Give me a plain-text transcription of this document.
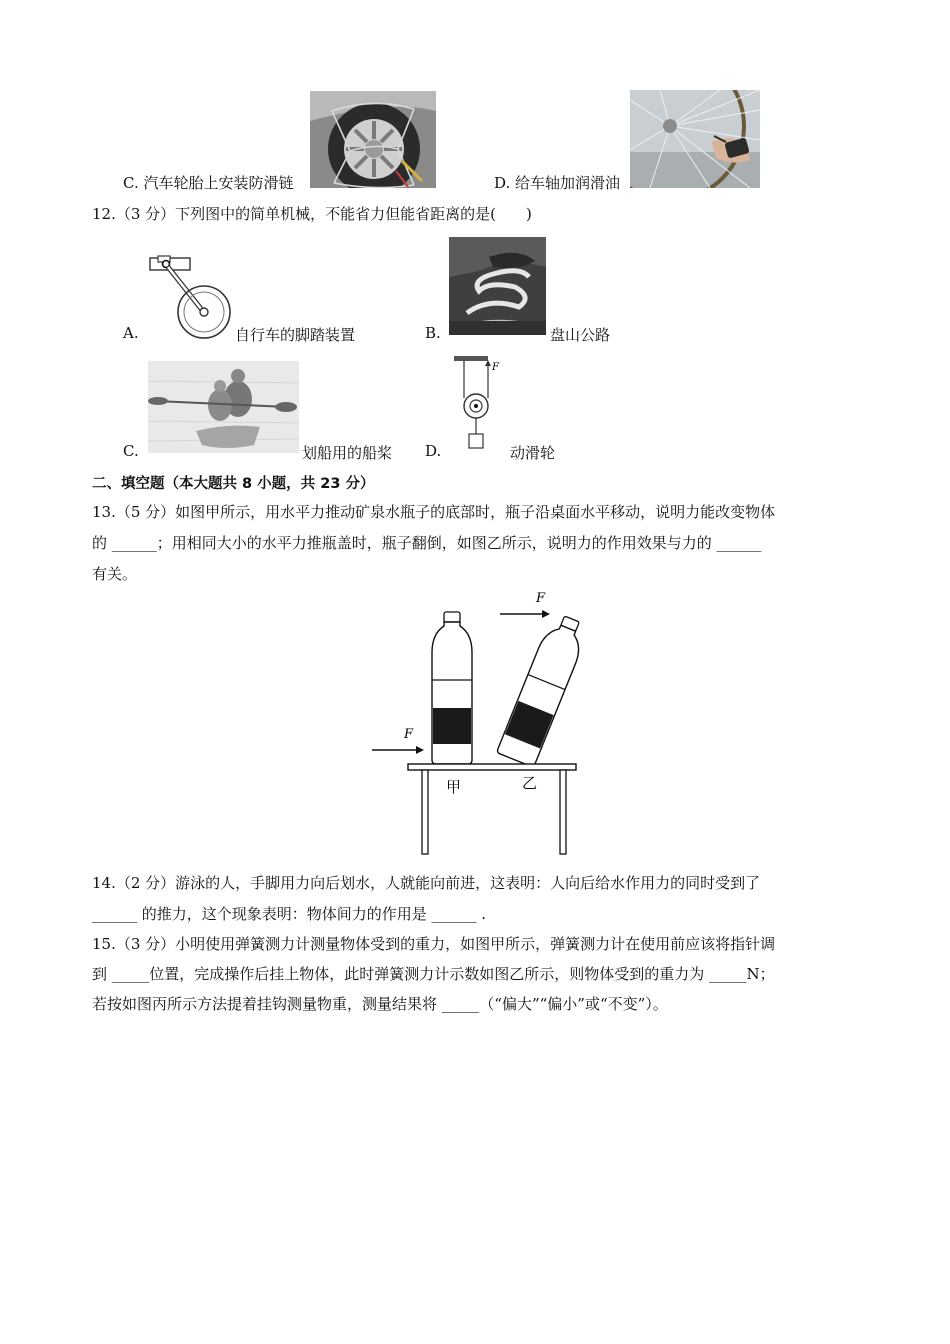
C. 汽车轮胎上安装防滑链	D. 给车轴加润滑油
12.（3 分）下列图中的简单机械，不能省力但能省距离的是(　　)
A.	自行车的脚踏装置	B.	盘山公路
C.	划船用的船桨 D.
F
动滑轮
二、填空题（本大题共 8 小题，共 23 分）
13.（5 分）如图甲所示，用水平力推动矿泉水瓶子的底部时，瓶子沿桌面水平移动，说明力能改变物体
的 ______；用相同大小的水平力推瓶盖时，瓶子翻倒，如图乙所示，说明力的作用效果与力的 ______
有关。
F
F
甲	乙
14.（2 分）游泳的人，手脚用力向后划水，人就能向前进，这表明：人向后给水作用力的同时受到了
______ 的推力，这个现象表明：物体间力的作用是 ______ .
15.（3 分）小明使用弹簧测力计测量物体受到的重力，如图甲所示，弹簧测力计在使用前应该将指针调
到 _____位置，完成操作后挂上物体，此时弹簧测力计示数如图乙所示，则物体受到的重力为 _____N；
若按如图丙所示方法提着挂钩测量物重，测量结果将 _____（“偏大”“偏小”或“不变”）。
